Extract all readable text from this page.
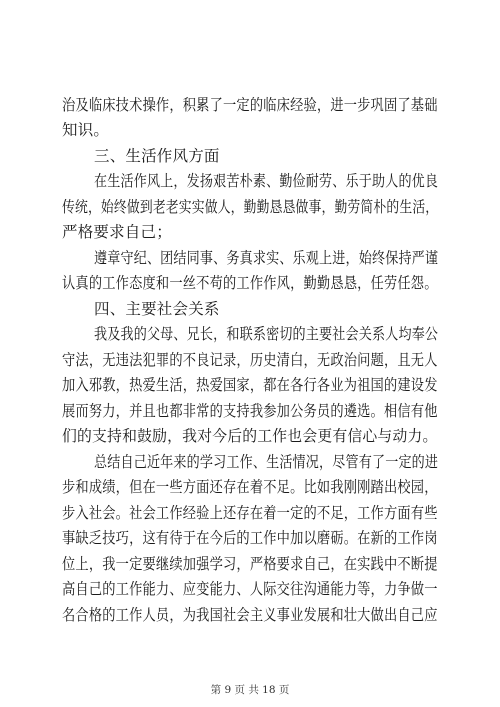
治及临床技术操作，积累了一定的临床经验，进一步巩固了基础
知识。
三、生活作风方面
在生活作风上，发扬艰苦朴素、勤俭耐劳、乐于助人的优良
传统，始终做到老老实实做人，勤勤恳恳做事，勤劳简朴的生活，
严格要求自己；
遵章守纪、团结同事、务真求实、乐观上进，始终保持严谨
认真的工作态度和一丝不苟的工作作风，勤勤恳恳，任劳任怨。
四、主要社会关系
我及我的父母、兄长，和联系密切的主要社会关系人均奉公
守法，无违法犯罪的不良记录，历史清白，无政治问题，且无人
加入邪教，热爱生活，热爱国家，都在各行各业为祖国的建设发
展而努力，并且也都非常的支持我参加公务员的遴选。相信有他
们的支持和鼓励，我对今后的工作也会更有信心与动力。
总结自己近年来的学习工作、生活情况，尽管有了一定的进
步和成绩，但在一些方面还存在着不足。比如我刚刚踏出校园，
步入社会。社会工作经验上还存在着一定的不足，工作方面有些
事缺乏技巧，这有待于在今后的工作中加以磨砺。在新的工作岗
位上，我一定要继续加强学习，严格要求自己，在实践中不断提
高自己的工作能力、应变能力、人际交往沟通能力等，力争做一
名合格的工作人员，为我国社会主义事业发展和壮大做出自己应
第 9 页 共 18 页
